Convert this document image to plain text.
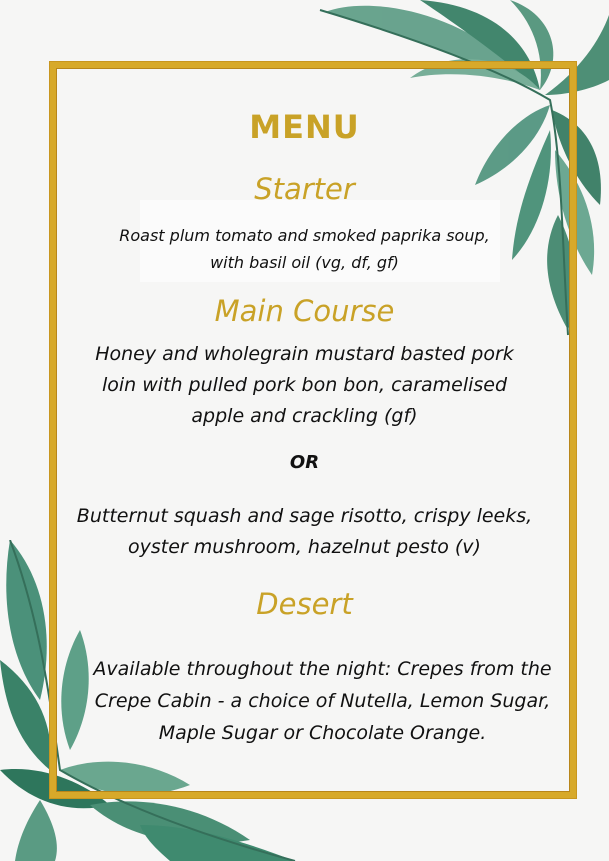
MENU
Starter
Roast plum tomato and smoked paprika soup,
with basil oil (vg, df, gf)
Main Course
Honey and wholegrain mustard basted pork
loin with pulled pork bon bon, caramelised
apple and crackling (gf)
OR
Butternut squash and sage risotto, crispy leeks,
oyster mushroom, hazelnut pesto (v)
Desert
Available throughout the night: Crepes from the
Crepe Cabin - a choice of Nutella, Lemon Sugar,
Maple Sugar or Chocolate Orange.
